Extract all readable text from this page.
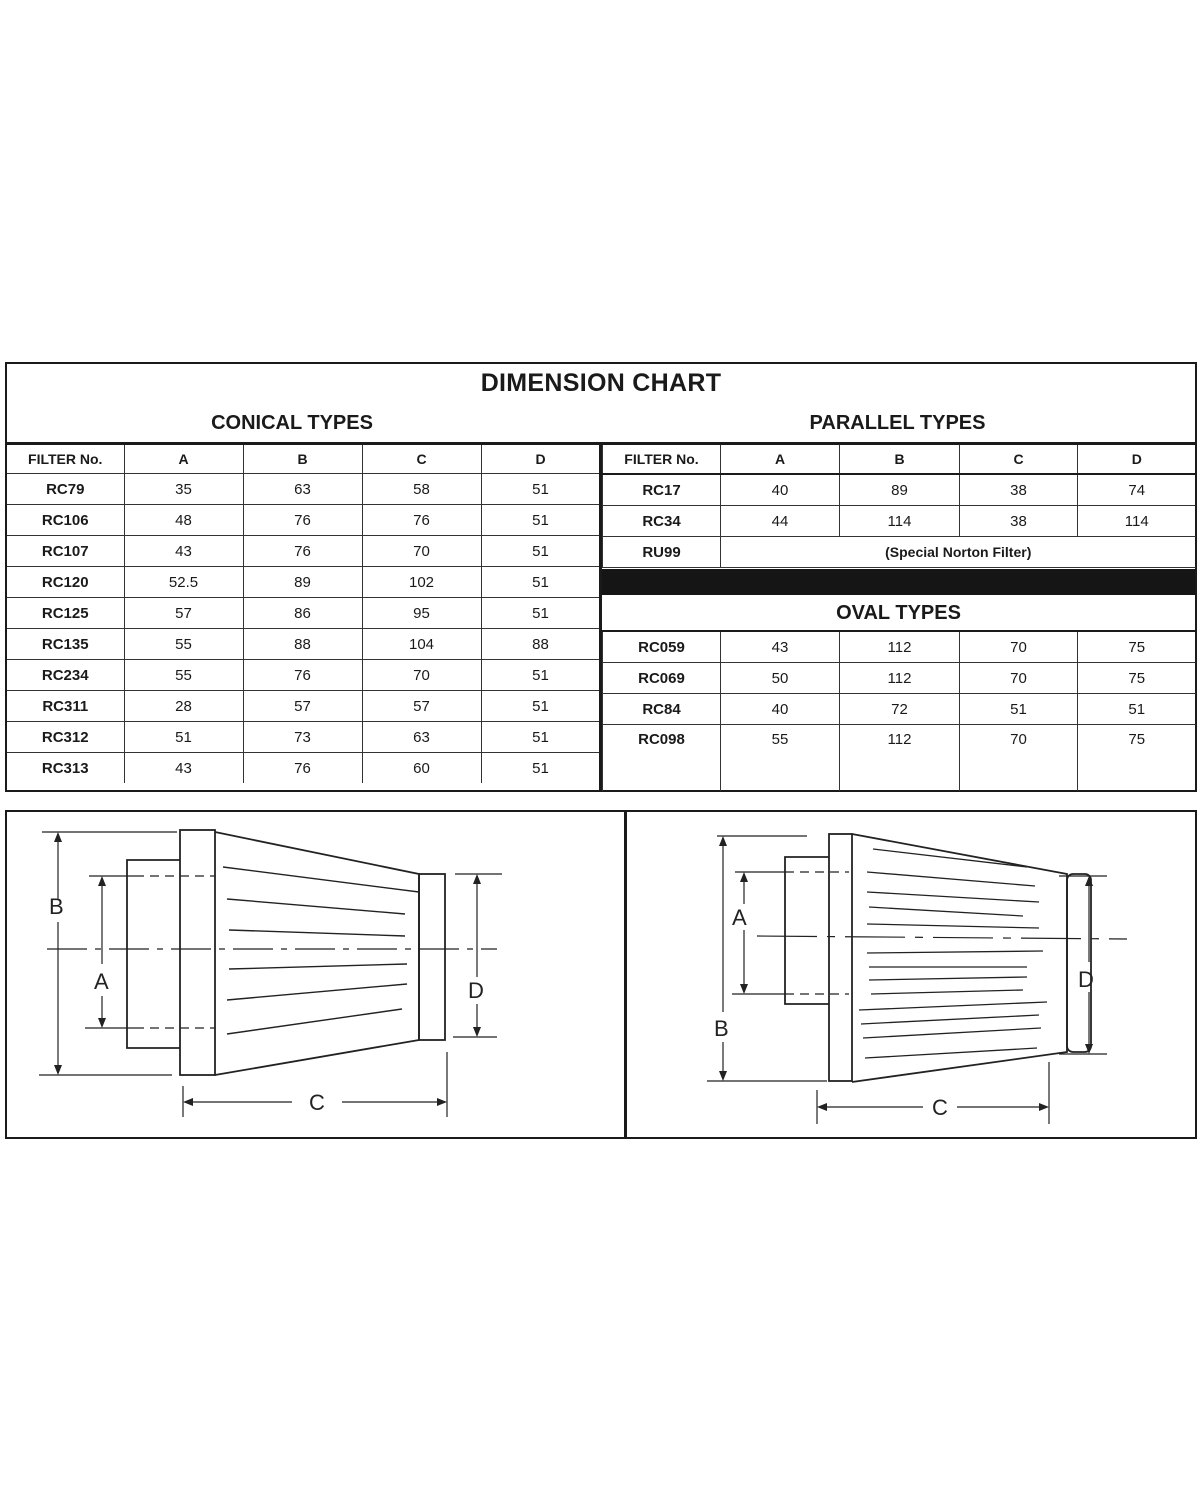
DIMENSION CHART
CONICAL TYPES	PARALLEL TYPES
FILTER No.	A	B	C	D
RC79	35	63	58	51
RC106	48	76	76	51
RC107	43	76	70	51
RC120	52.5	89	102	51
RC125	57	86	95	51
RC135	55	88	104	88
RC234	55	76	70	51
RC311	28	57	57	51
RC312	51	73	63	51
RC313	43	76	60	51
FILTER No.	A	B	C	D
RC17	40	89	38	74
RC34	44	114	38	114
RU99	(Special Norton Filter)			
OVAL TYPES
RC059	43	112	70	75
RC069	50	112	70	75
RC84	40	72	51	51
RC098	55	112	70	75
B
A	D
C
A
B
D
C
